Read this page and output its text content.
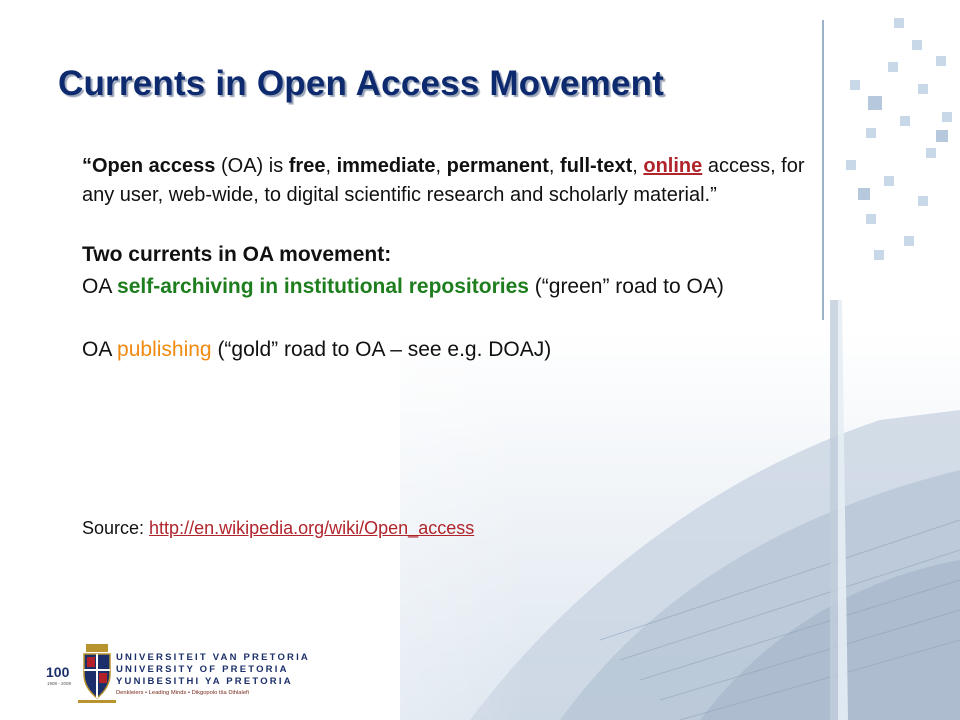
Currents in Open Access Movement

“Open access (OA) is free, immediate, permanent, full-text, online access, for any user, web-wide, to digital scientific research and scholarly material.”

Two currents in OA movement:

OA self-archiving in institutional repositories (“green” road to OA)

OA publishing (“gold” road to OA – see e.g. DOAJ)

Source: http://en.wikipedia.org/wiki/Open_access
100
1908 - 2008
UNIVERSITEIT VAN PRETORIA
UNIVERSITY OF PRETORIA
YUNIBESITHI YA PRETORIA
Denkleiers • Leading Minds • Dikgopolo tša Dihlalefi
